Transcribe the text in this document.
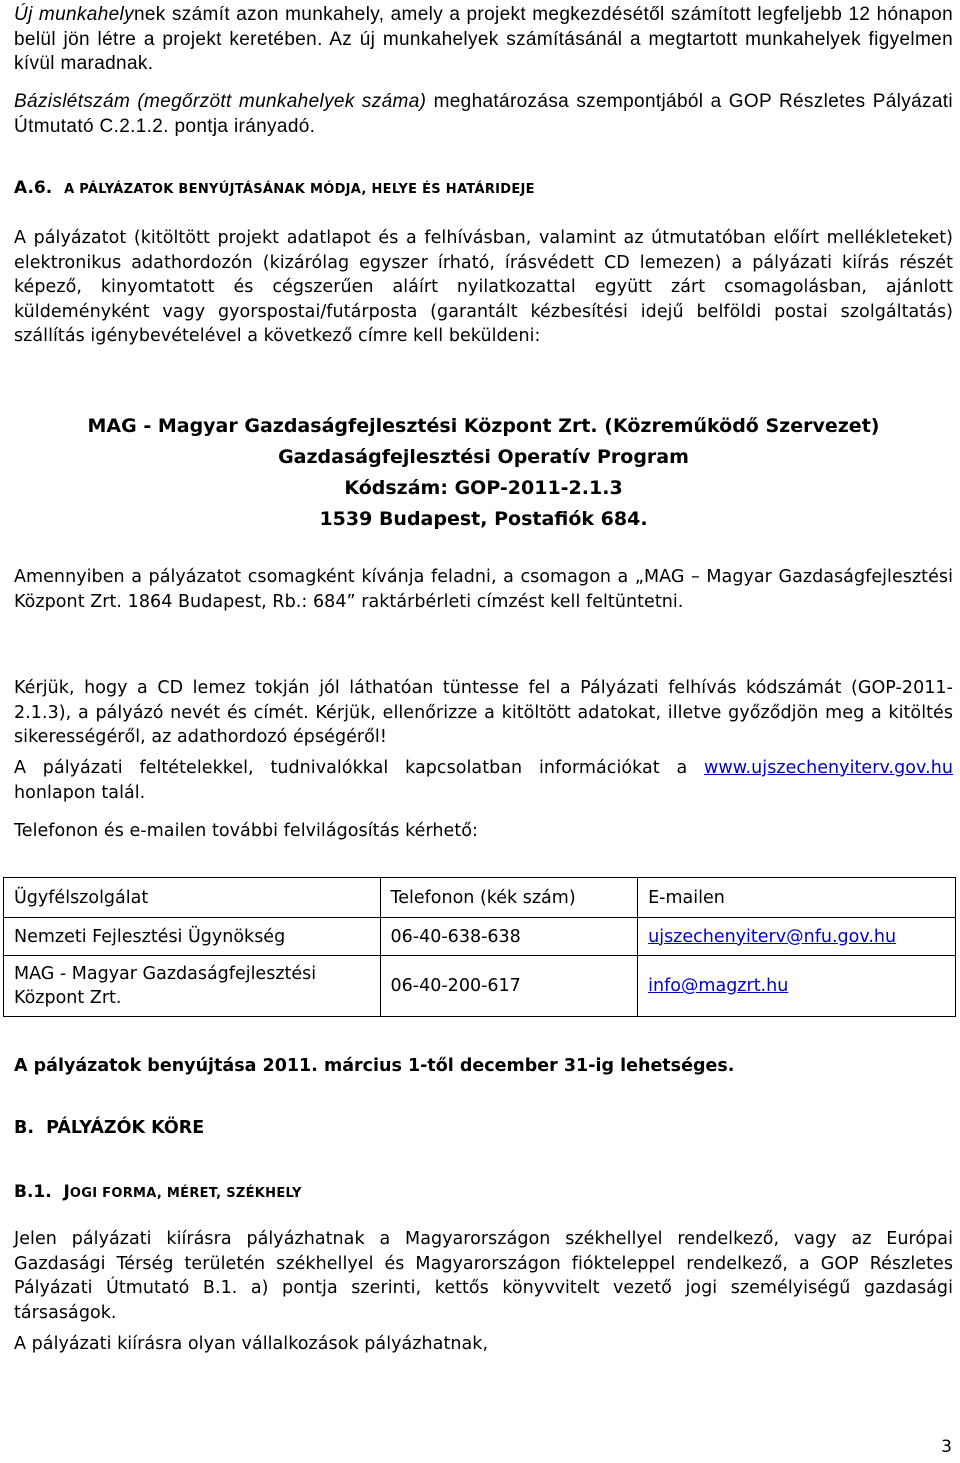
Új munkahelynek számít azon munkahely, amely a projekt megkezdésétől számított legfeljebb 12 hónapon belül jön létre a projekt keretében. Az új munkahelyek számításánál a megtartott munkahelyek figyelmen kívül maradnak.
Bázislétszám (megőrzött munkahelyek száma) meghatározása szempontjából a GOP Részletes Pályázati Útmutató C.2.1.2. pontja irányadó.
A.6. A PÁLYÁZATOK BENYÚJTÁSÁNAK MÓDJA, HELYE ÉS HATÁRIDEJE
A pályázatot (kitöltött projekt adatlapot és a felhívásban, valamint az útmutatóban előírt mellékleteket) elektronikus adathordozón (kizárólag egyszer írható, írásvédett CD lemezen) a pályázati kiírás részét képező, kinyomtatott és cégszerűen aláírt nyilatkozattal együtt zárt csomagolásban, ajánlott küldeményként vagy gyorspostai/futárposta (garantált kézbesítési idejű belföldi postai szolgáltatás) szállítás igénybevételével a következő címre kell beküldeni:
MAG - Magyar Gazdaságfejlesztési Központ Zrt. (Közreműködő Szervezet)
Gazdaságfejlesztési Operatív Program
Kódszám: GOP-2011-2.1.3
1539 Budapest, Postafiók 684.
Amennyiben a pályázatot csomagként kívánja feladni, a csomagon a „MAG – Magyar Gazdaságfejlesztési Központ Zrt. 1864 Budapest, Rb.: 684” raktárbérleti címzést kell feltüntetni.
Kérjük, hogy a CD lemez tokján jól láthatóan tüntesse fel a Pályázati felhívás kódszámát (GOP-2011-2.1.3), a pályázó nevét és címét. Kérjük, ellenőrizze a kitöltött adatokat, illetve győződjön meg a kitöltés sikerességéről, az adathordozó épségéről!
A pályázati feltételekkel, tudnivalókkal kapcsolatban információkat a www.ujszechenyiterv.gov.hu honlapon talál.
Telefonon és e-mailen további felvilágosítás kérhető:
Ügyfélszolgálat	Telefonon (kék szám)	E-mailen
Nemzeti Fejlesztési Ügynökség	06-40-638-638	ujszechenyiterv@nfu.gov.hu
MAG - Magyar Gazdaságfejlesztési Központ Zrt.	06-40-200-617	info@magzrt.hu
A pályázatok benyújtása 2011. március 1-től december 31-ig lehetséges.
B.  PÁLYÁZÓK KÖRE
B.1. JOGI FORMA, MÉRET, SZÉKHELY
Jelen pályázati kiírásra pályázhatnak a Magyarországon székhellyel rendelkező, vagy az Európai Gazdasági Térség területén székhellyel és Magyarországon fiókteleppel rendelkező, a GOP Részletes Pályázati Útmutató B.1. a) pontja szerinti, kettős könyvvitelt vezető jogi személyiségű gazdasági társaságok.
A pályázati kiírásra olyan vállalkozások pályázhatnak,
3
